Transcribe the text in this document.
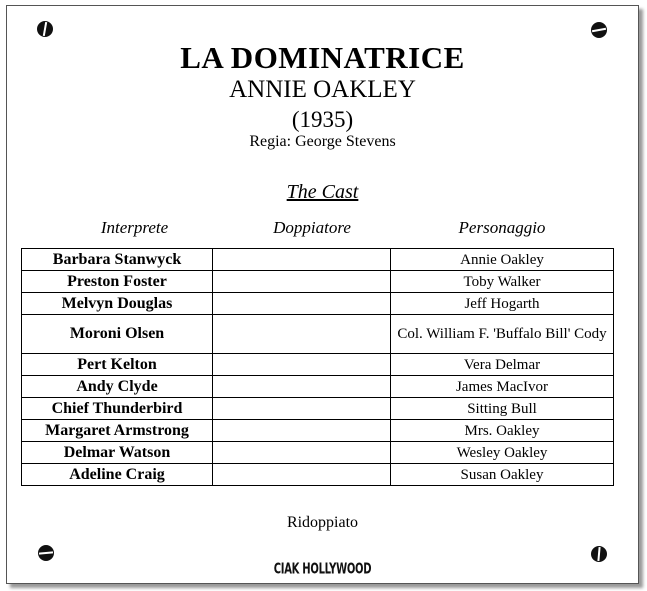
LA DOMINATRICE
ANNIE OAKLEY
(1935)
Regia: George Stevens
The Cast
Interprete	Doppiatore	Personaggio
Barbara Stanwyck		Annie Oakley
Preston Foster		Toby Walker
Melvyn Douglas		Jeff Hogarth
Moroni Olsen		Col. William F. 'Buffalo Bill' Cody
Pert Kelton		Vera Delmar
Andy Clyde		James MacIvor
Chief Thunderbird		Sitting Bull
Margaret Armstrong		Mrs. Oakley
Delmar Watson		Wesley Oakley
Adeline Craig		Susan Oakley
Ridoppiato
CIAK HOLLYWOOD
